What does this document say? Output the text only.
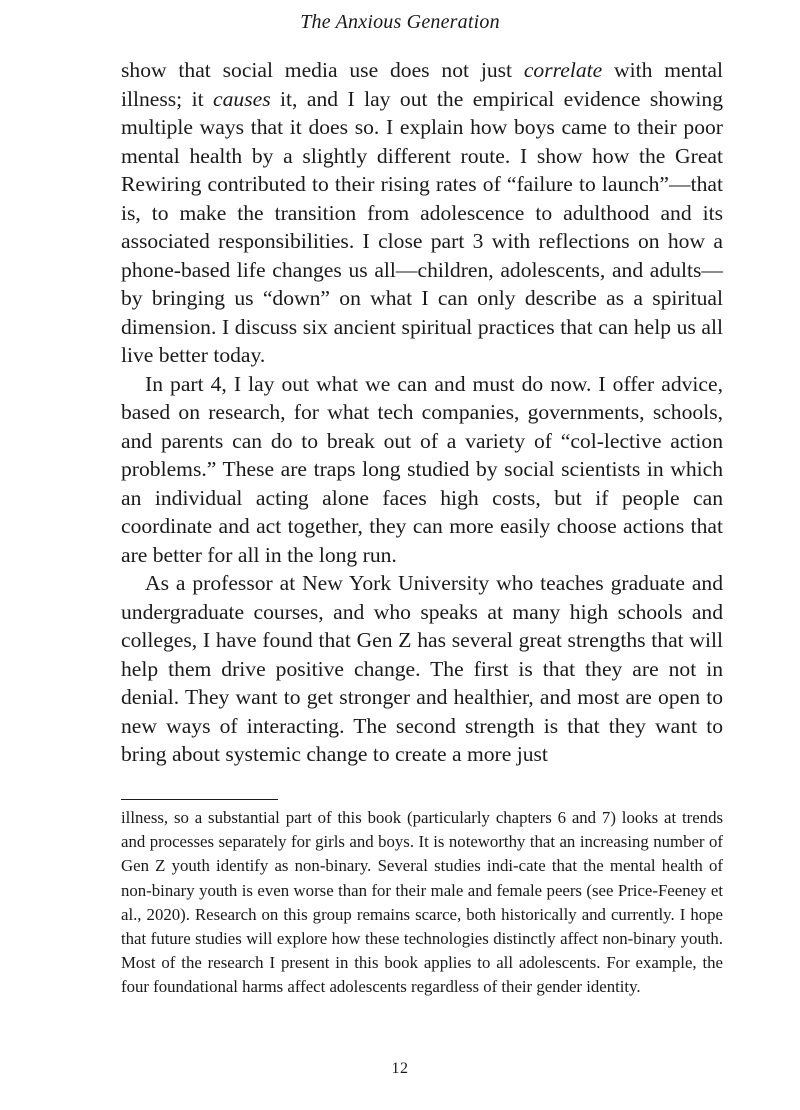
The Anxious Generation

show that social media use does not just correlate with mental illness; it causes it, and I lay out the empirical evidence showing multiple ways that it does so. I explain how boys came to their poor mental health by a slightly different route. I show how the Great Rewiring contributed to their rising rates of “failure to launch”—that is, to make the transition from adolescence to adulthood and its associated responsibilities. I close part 3 with reflections on how a phone-based life changes us all—children, adolescents, and adults—by bringing us “down” on what I can only describe as a spiritual dimension. I discuss six ancient spiritual practices that can help us all live better today.

In part 4, I lay out what we can and must do now. I offer advice, based on research, for what tech companies, governments, schools, and parents can do to break out of a variety of “col-lective action problems.” These are traps long studied by social scientists in which an individual acting alone faces high costs, but if people can coordinate and act together, they can more easily choose actions that are better for all in the long run.

As a professor at New York University who teaches graduate and undergraduate courses, and who speaks at many high schools and colleges, I have found that Gen Z has several great strengths that will help them drive positive change. The first is that they are not in denial. They want to get stronger and healthier, and most are open to new ways of interacting. The second strength is that they want to bring about systemic change to create a more just

illness, so a substantial part of this book (particularly chapters 6 and 7) looks at trends and processes separately for girls and boys. It is noteworthy that an increasing number of Gen Z youth identify as non-binary. Several studies indi-cate that the mental health of non-binary youth is even worse than for their male and female peers (see Price-Feeney et al., 2020). Research on this group remains scarce, both historically and currently. I hope that future studies will explore how these technologies distinctly affect non-binary youth. Most of the research I present in this book applies to all adolescents. For example, the four foundational harms affect adolescents regardless of their gender identity.

12
